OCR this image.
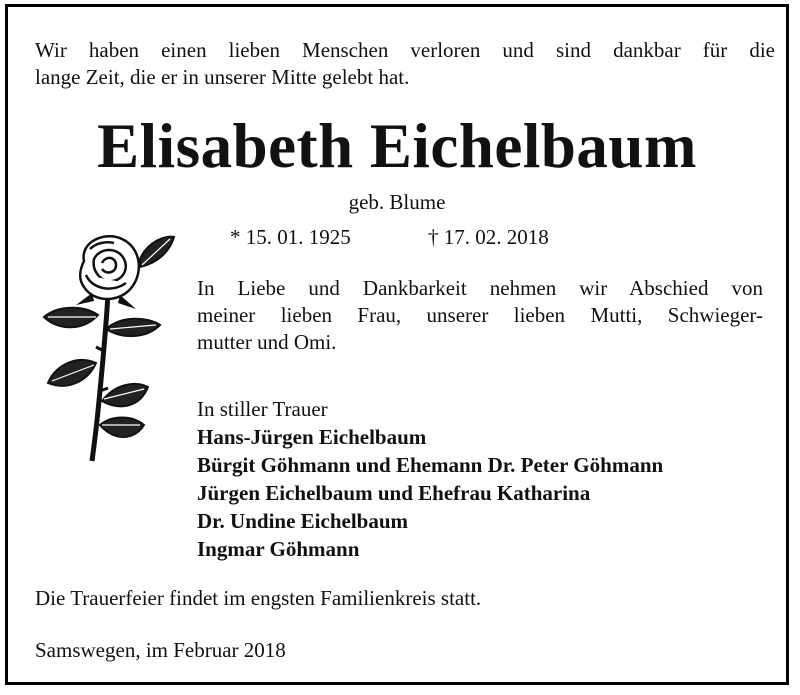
Wir haben einen lieben Menschen verloren und sind dankbar für die
lange Zeit, die er in unserer Mitte gelebt hat.
Elisabeth Eichelbaum
geb. Blume
* 15. 01. 1925	† 17. 02. 2018
In Liebe und Dankbarkeit nehmen wir Abschied von
meiner lieben Frau, unserer lieben Mutti, Schwieger-
mutter und Omi.
In stiller Trauer
Hans-Jürgen Eichelbaum
Bürgit Göhmann und Ehemann Dr. Peter Göhmann
Jürgen Eichelbaum und Ehefrau Katharina
Dr. Undine Eichelbaum
Ingmar Göhmann
Die Trauerfeier findet im engsten Familienkreis statt.
Samswegen, im Februar 2018
